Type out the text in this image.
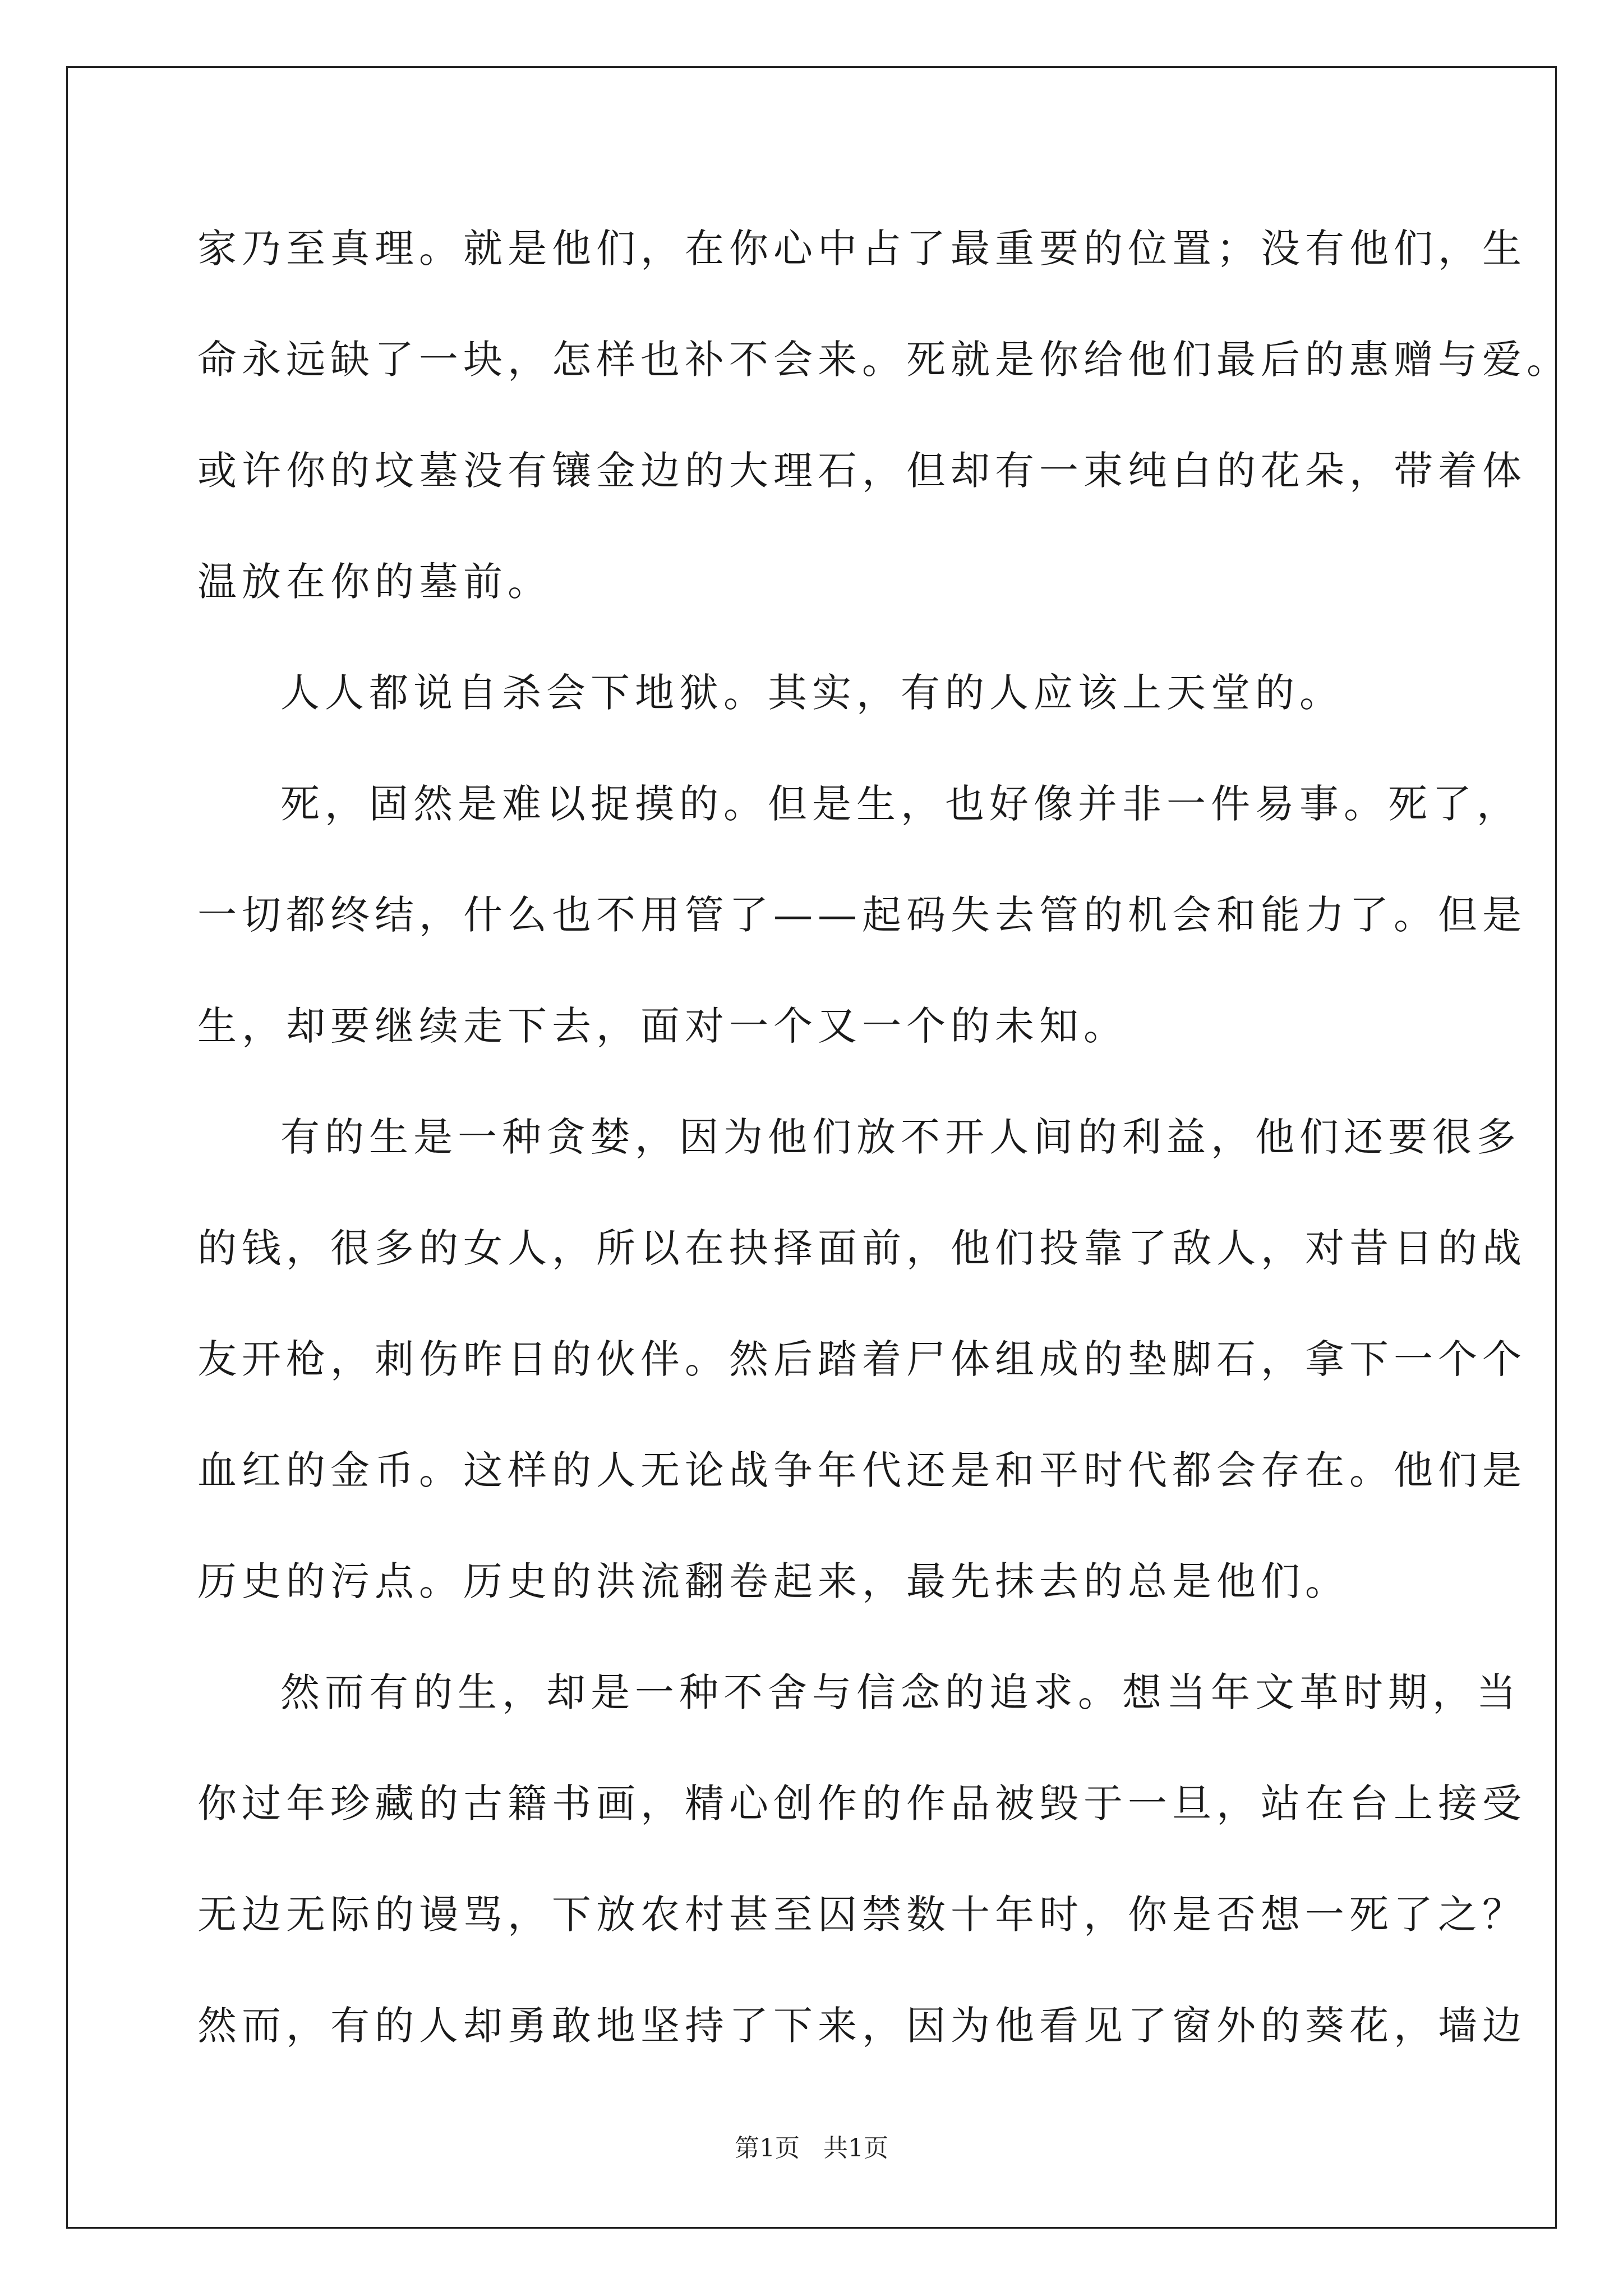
家乃至真理。就是他们，在你心中占了最重要的位置；没有他们，生
命永远缺了一块，怎样也补不会来。死就是你给他们最后的惠赠与爱。
或许你的坟墓没有镶金边的大理石，但却有一束纯白的花朵，带着体
温放在你的墓前。
人人都说自杀会下地狱。其实，有的人应该上天堂的。
死，固然是难以捉摸的。但是生，也好像并非一件易事。死了，
一切都终结，什么也不用管了——起码失去管的机会和能力了。但是
生，却要继续走下去，面对一个又一个的未知。
有的生是一种贪婪，因为他们放不开人间的利益，他们还要很多
的钱，很多的女人，所以在抉择面前，他们投靠了敌人，对昔日的战
友开枪，刺伤昨日的伙伴。然后踏着尸体组成的垫脚石，拿下一个个
血红的金币。这样的人无论战争年代还是和平时代都会存在。他们是
历史的污点。历史的洪流翻卷起来，最先抹去的总是他们。
然而有的生，却是一种不舍与信念的追求。想当年文革时期，当
你过年珍藏的古籍书画，精心创作的作品被毁于一旦，站在台上接受
无边无际的谩骂，下放农村甚至囚禁数十年时，你是否想一死了之？
然而，有的人却勇敢地坚持了下来，因为他看见了窗外的葵花，墙边
第1页   共1页
